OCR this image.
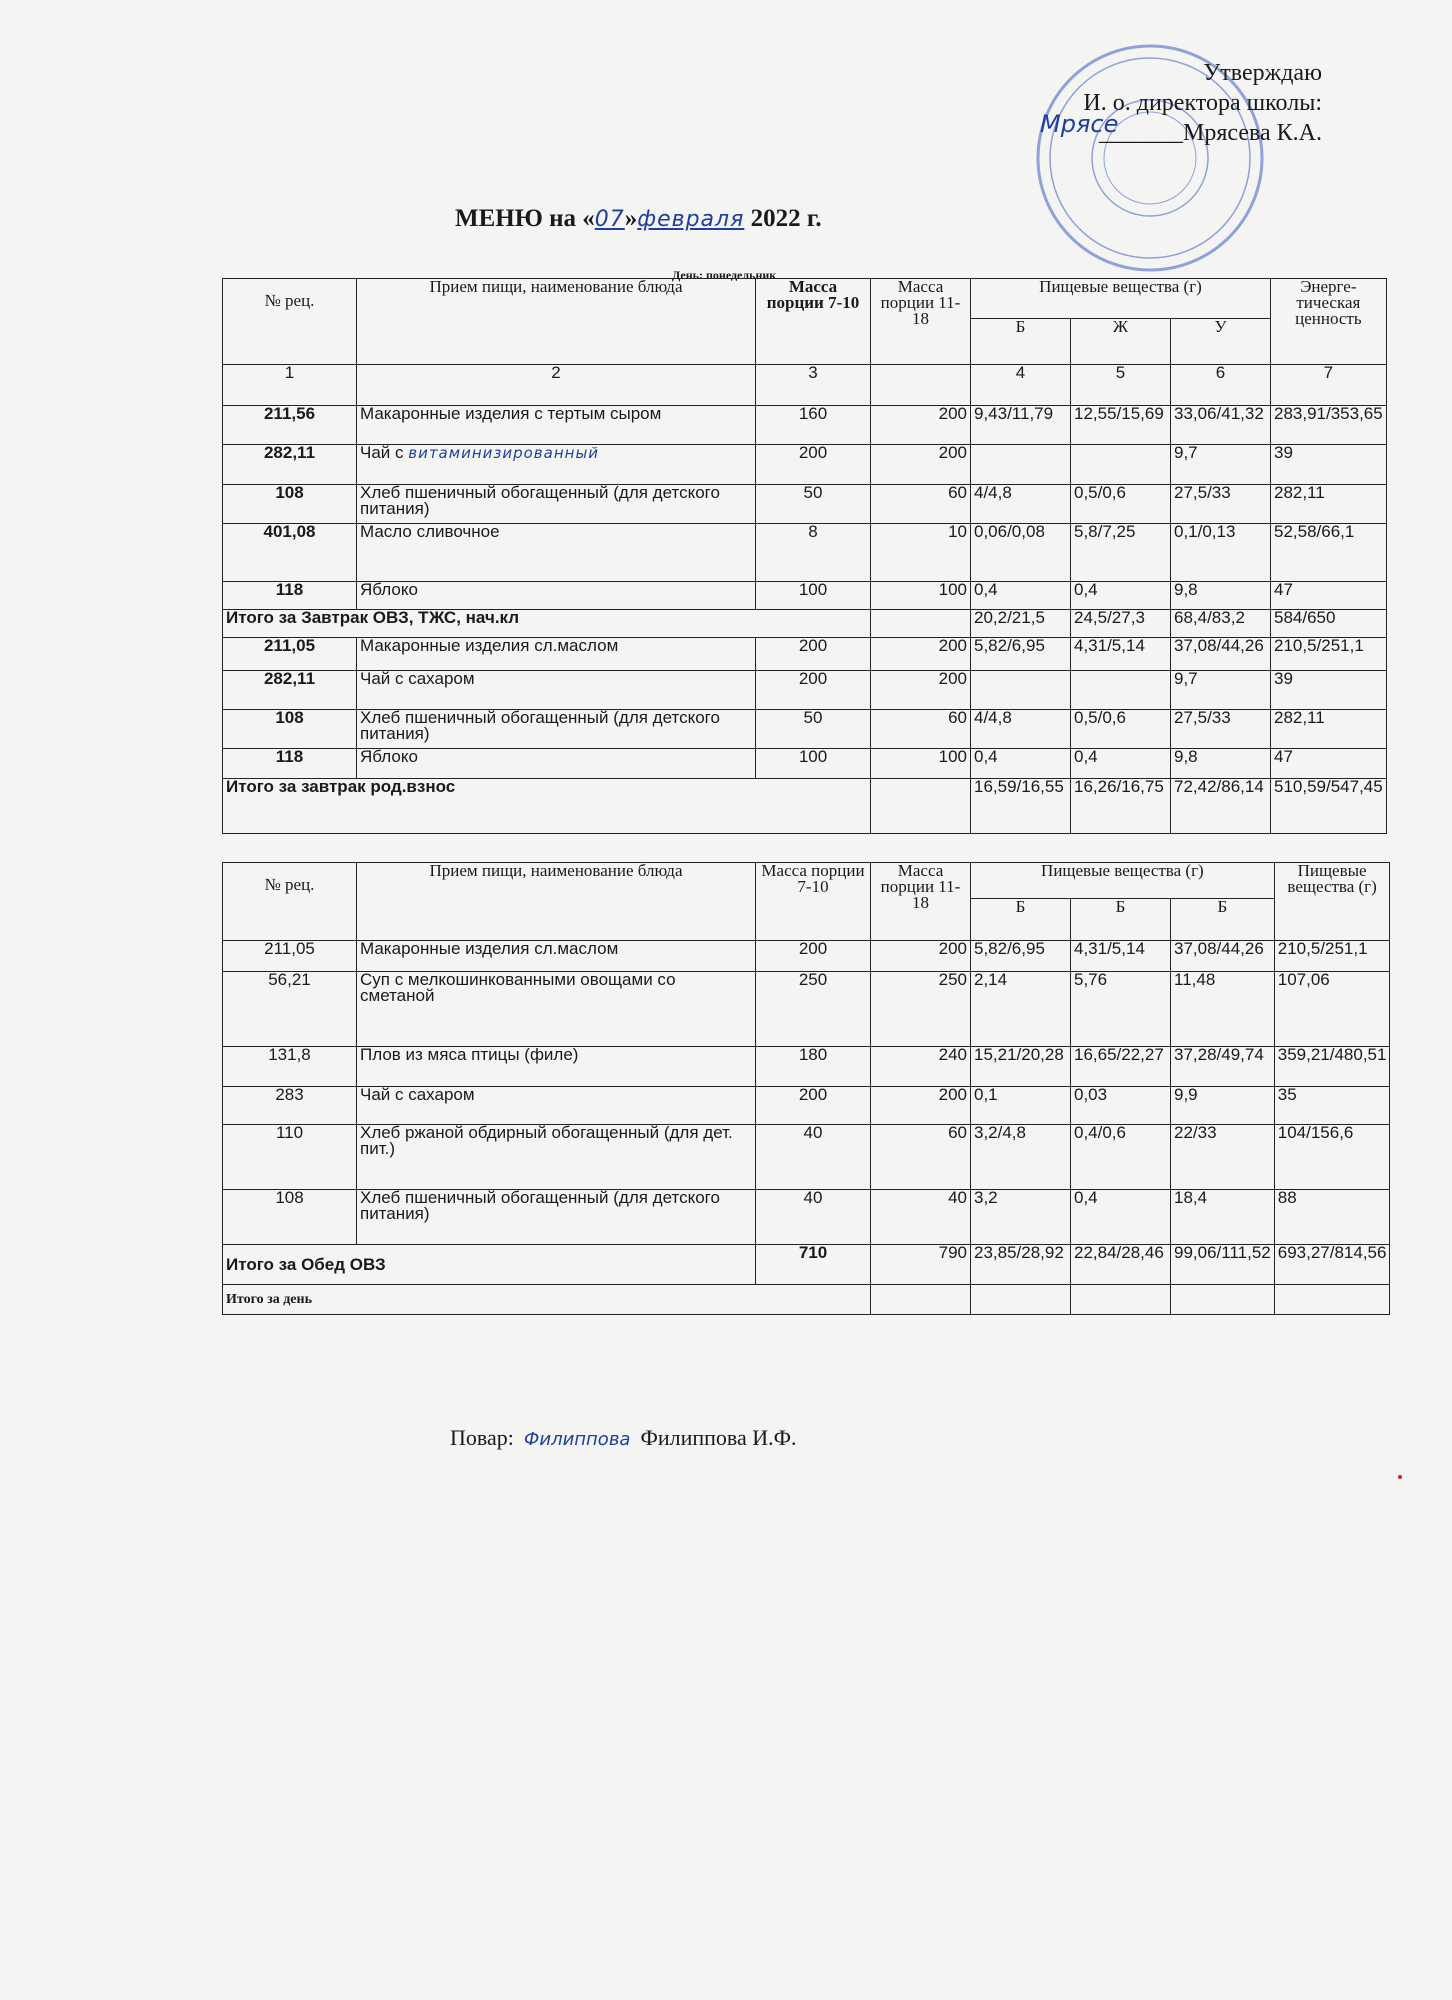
Утверждаю
И. о. директора школы:
_______Мрясева К.А.
Мрясе
МЕНЮ на «07»февраля 2022 г.
День: понедельник
№ рец.	Прием пищи, наименование блюда	Масса порции 7-10	Масса порции 11-18	Пищевые вещества (г)			Энерге-тическая ценность
				Б	Ж	У	
1	2	3		4	5	6	7
211,56	Макаронные изделия с тертым сыром	160	200	9,43/11,79	12,55/15,69	33,06/41,32	283,91/353,65
282,11	Чай с витаминизированный	200	200			9,7	39
108	Хлеб пшеничный обогащенный (для детского питания)	50	60	4/4,8	0,5/0,6	27,5/33	282,11
401,08	Масло сливочное	8	10	0,06/0,08	5,8/7,25	0,1/0,13	52,58/66,1
118	Яблоко	100	100	0,4	0,4	9,8	47
Итого за Завтрак ОВЗ, ТЖС, нач.кл				20,2/21,5	24,5/27,3	68,4/83,2	584/650
211,05	Макаронные изделия сл.маслом	200	200	5,82/6,95	4,31/5,14	37,08/44,26	210,5/251,1
282,11	Чай с сахаром	200	200			9,7	39
108	Хлеб пшеничный обогащенный (для детского питания)	50	60	4/4,8	0,5/0,6	27,5/33	282,11
118	Яблоко	100	100	0,4	0,4	9,8	47
Итого за завтрак род.взнос				16,59/16,55	16,26/16,75	72,42/86,14	510,59/547,45
№ рец.	Прием пищи, наименование блюда	Масса порции 7-10	Масса порции 11-18	Пищевые вещества (г)			Пищевые вещества (г)
				Б	Б	Б	
211,05	Макаронные изделия сл.маслом	200	200	5,82/6,95	4,31/5,14	37,08/44,26	210,5/251,1
56,21	Суп с мелкошинкованными овощами со сметаной	250	250	2,14	5,76	11,48	107,06
131,8	Плов из мяса птицы (филе)	180	240	15,21/20,28	16,65/22,27	37,28/49,74	359,21/480,51
283	Чай с сахаром	200	200	0,1	0,03	9,9	35
110	Хлеб ржаной обдирный обогащенный (для дет. пит.)	40	60	3,2/4,8	0,4/0,6	22/33	104/156,6
108	Хлеб пшеничный обогащенный (для детского питания)	40	40	3,2	0,4	18,4	88
Итого за Обед ОВЗ		710	790	23,85/28,92	22,84/28,46	99,06/111,52	693,27/814,56
Итого за день							
Повар: Филиппова Филиппова И.Ф.
